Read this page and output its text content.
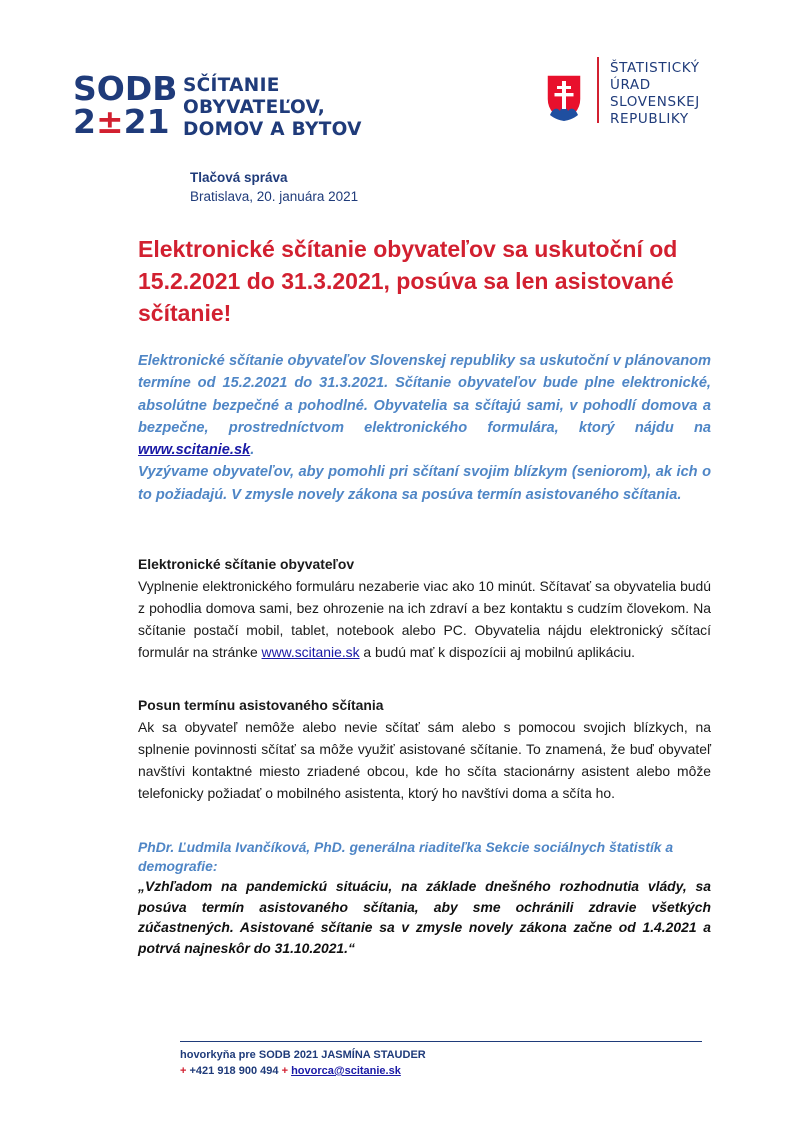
SODB
2±21
SČÍTANIE
OBYVATEĽOV,
DOMOV A BYTOV
ŠTATISTICKÝ
ÚRAD
SLOVENSKEJ
REPUBLIKY
Tlačová správa
Bratislava, 20. januára 2021
Elektronické sčítanie obyvateľov sa uskutoční od 15.2.2021 do 31.3.2021, posúva sa len asistované sčítanie!

Elektronické sčítanie obyvateľov Slovenskej republiky sa uskutoční v plánovanom termíne od 15.2.2021 do 31.3.2021. Sčítanie obyvateľov bude plne elektronické, absolútne bezpečné a pohodlné. Obyvatelia sa sčítajú sami, v pohodlí domova a bezpečne, prostredníctvom elektronického formulára, ktorý nájdu na www.scitanie.sk.

Vyzývame obyvateľov, aby pomohli pri sčítaní svojim blízkym (seniorom), ak ich o to požiadajú. V zmysle novely zákona sa posúva termín asistovaného sčítania.

Elektronické sčítanie obyvateľov
Vyplnenie elektronického formuláru nezaberie viac ako 10 minút. Sčítavať sa obyvatelia budú z pohodlia domova sami, bez ohrozenie na ich zdraví a bez kontaktu s cudzím človekom. Na sčítanie postačí mobil, tablet, notebook alebo PC. Obyvatelia nájdu elektronický sčítací formulár na stránke www.scitanie.sk a budú mať k dispozícii aj mobilnú aplikáciu.
Posun termínu asistovaného sčítania
Ak sa obyvateľ nemôže alebo nevie sčítať sám alebo s pomocou svojich blízkych, na splnenie povinnosti sčítať sa môže využiť asistované sčítanie. To znamená, že buď obyvateľ navštívi kontaktné miesto zriadené obcou, kde ho sčíta stacionárny asistent alebo môže telefonicky požiadať o mobilného asistenta, ktorý ho navštívi doma a sčíta ho.
PhDr. Ľudmila Ivančíková, PhD. generálna riaditeľka Sekcie sociálnych štatistík a demografie:
„Vzhľadom na pandemickú situáciu, na základe dnešného rozhodnutia vlády, sa posúva termín asistovaného sčítania, aby sme ochránili zdravie všetkých zúčastnených. Asistované sčítanie sa v zmysle novely zákona začne od 1.4.2021 a potrvá najneskôr do 31.10.2021.“
hovorkyňa pre SODB 2021 JASMÍNA STAUDER
+ +421 918 900 494 + hovorca@scitanie.sk
